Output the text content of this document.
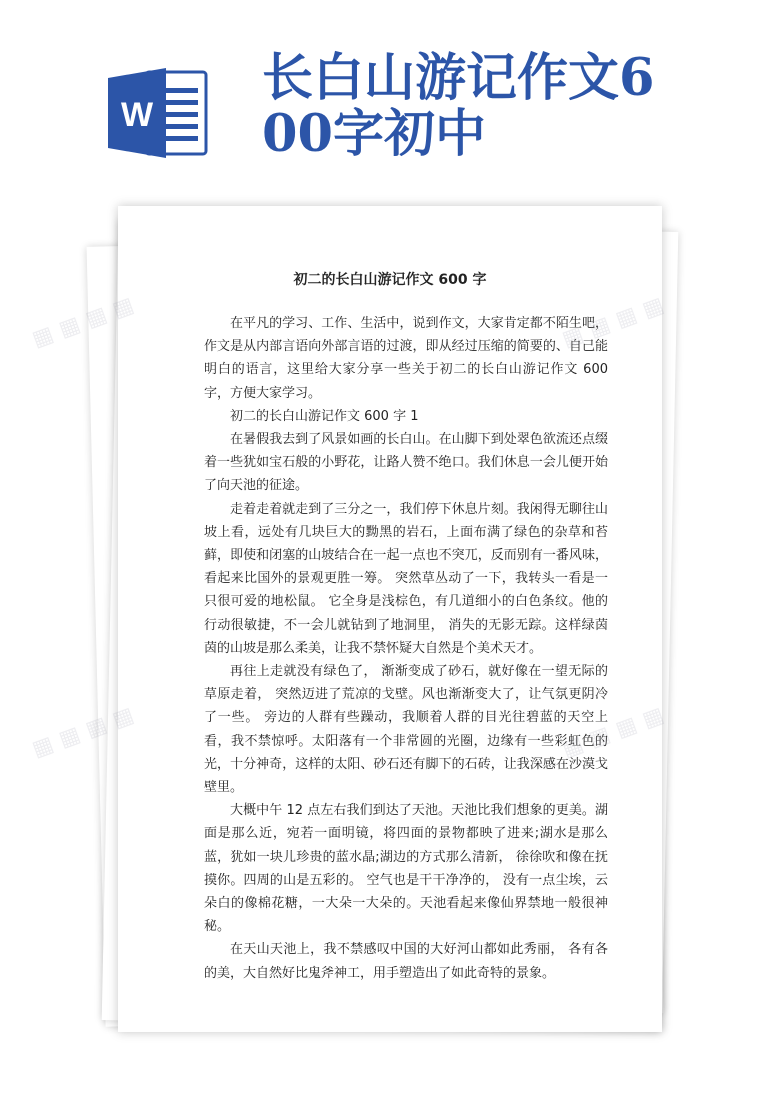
W
长白山游记作文6
00字初中
初二的长白山游记作文 600 字

在平凡的学习、工作、生活中，说到作文，大家肯定都不陌生吧，作文是从内部言语向外部言语的过渡，即从经过压缩的简要的、自己能明白的语言，这里给大家分享一些关于初二的长白山游记作文 600字，方便大家学习。

初二的长白山游记作文 600 字 1

在暑假我去到了风景如画的长白山。在山脚下到处翠色欲流还点缀着一些犹如宝石般的小野花，让路人赞不绝口。我们休息一会儿便开始了向天池的征途。

走着走着就走到了三分之一，我们停下休息片刻。我闲得无聊往山坡上看，远处有几块巨大的黝黑的岩石，上面布满了绿色的杂草和苔藓，即使和闭塞的山坡结合在一起一点也不突兀，反而别有一番风味，看起来比国外的景观更胜一筹。 突然草丛动了一下，我转头一看是一只很可爱的地松鼠。 它全身是浅棕色，有几道细小的白色条纹。他的行动很敏捷，不一会儿就钻到了地洞里， 消失的无影无踪。这样绿茵茵的山坡是那么柔美，让我不禁怀疑大自然是个美术天才。

再往上走就没有绿色了， 渐渐变成了砂石，就好像在一望无际的草原走着， 突然迈进了荒凉的戈壁。风也渐渐变大了，让气氛更阴冷了一些。 旁边的人群有些躁动，我顺着人群的目光往碧蓝的天空上看，我不禁惊呼。太阳落有一个非常圆的光圈，边缘有一些彩虹色的光，十分神奇，这样的太阳、砂石还有脚下的石砖，让我深感在沙漠戈壁里。

大概中午 12 点左右我们到达了天池。天池比我们想象的更美。湖面是那么近，宛若一面明镜，将四面的景物都映了进来;湖水是那么蓝，犹如一块儿珍贵的蓝水晶;湖边的方式那么清新， 徐徐吹和像在抚摸你。四周的山是五彩的。 空气也是干干净净的， 没有一点尘埃，云朵白的像棉花糖，一大朵一大朵的。天池看起来像仙界禁地一般很神秘。

在天山天池上，我不禁感叹中国的大好河山都如此秀丽， 各有各的美，大自然好比鬼斧神工，用手塑造出了如此奇特的景象。

▦ ▦ ▦ ▦
▦ ▦ ▦ ▦
